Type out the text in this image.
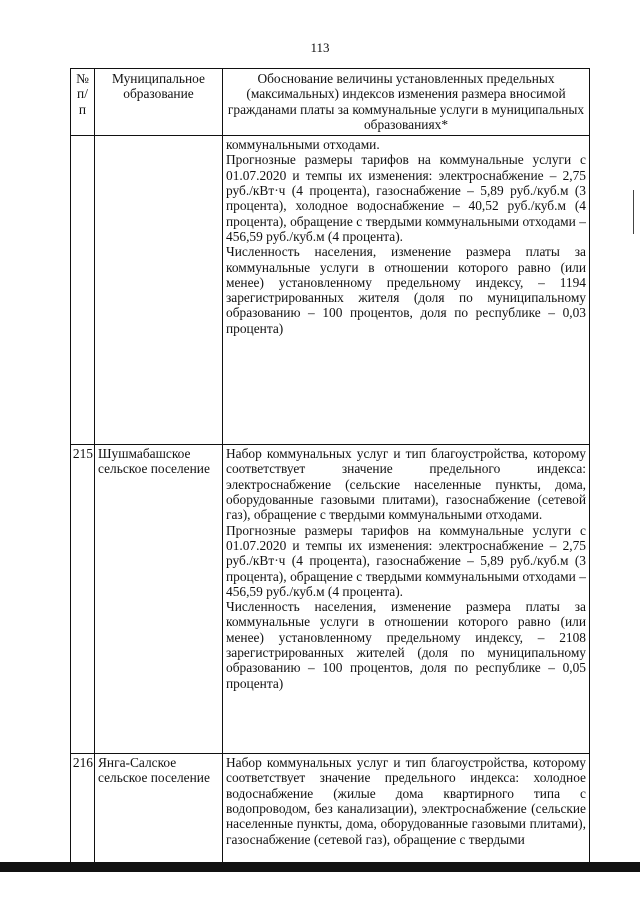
113
№ п/п	Муниципальное образование	Обоснование величины установленных предельных (максимальных) индексов изменения размера вносимой гражданами платы за коммунальные услуги в муниципальных образованиях*

		коммунальными отходами.
Прогнозные размеры тарифов на коммунальные услуги с 01.07.2020 и темпы их изменения: электроснабжение – 2,75 руб./кВт·ч (4 процента), газоснабжение – 5,89 руб./куб.м (3 процента), холодное водоснабжение – 40,52 руб./куб.м (4 процента), обращение с твердыми коммунальными отходами – 456,59 руб./куб.м (4 процента).
Численность населения, изменение размера платы за коммунальные услуги в отношении которого равно (или менее) установленному предельному индексу, – 1194 зарегистрированных жителя (доля по муниципальному образованию – 100 процентов, доля по республике – 0,03 процента)

215	Шушмабашское сельское поселение	Набор коммунальных услуг и тип благоустройства, которому соответствует значение предельного индекса: электроснабжение (сельские населенные пункты, дома, оборудованные газовыми плитами), газоснабжение (сетевой газ), обращение с твердыми коммунальными отходами.
Прогнозные размеры тарифов на коммунальные услуги с 01.07.2020 и темпы их изменения: электроснабжение – 2,75 руб./кВт·ч (4 процента), газоснабжение – 5,89 руб./куб.м (3 процента), обращение с твердыми коммунальными отходами – 456,59 руб./куб.м (4 процента).
Численность населения, изменение размера платы за коммунальные услуги в отношении которого равно (или менее) установленному предельному индексу, – 2108 зарегистрированных жителей (доля по муниципальному образованию – 100 процентов, доля по республике – 0,05 процента)

216	Янга-Салское сельское поселение	Набор коммунальных услуг и тип благоустройства, которому соответствует значение предельного индекса: холодное водоснабжение (жилые дома квартирного типа с водопроводом, без канализации), электроснабжение (сельские населенные пункты, дома, оборудованные газовыми плитами), газоснабжение (сетевой газ), обращение с твердыми
